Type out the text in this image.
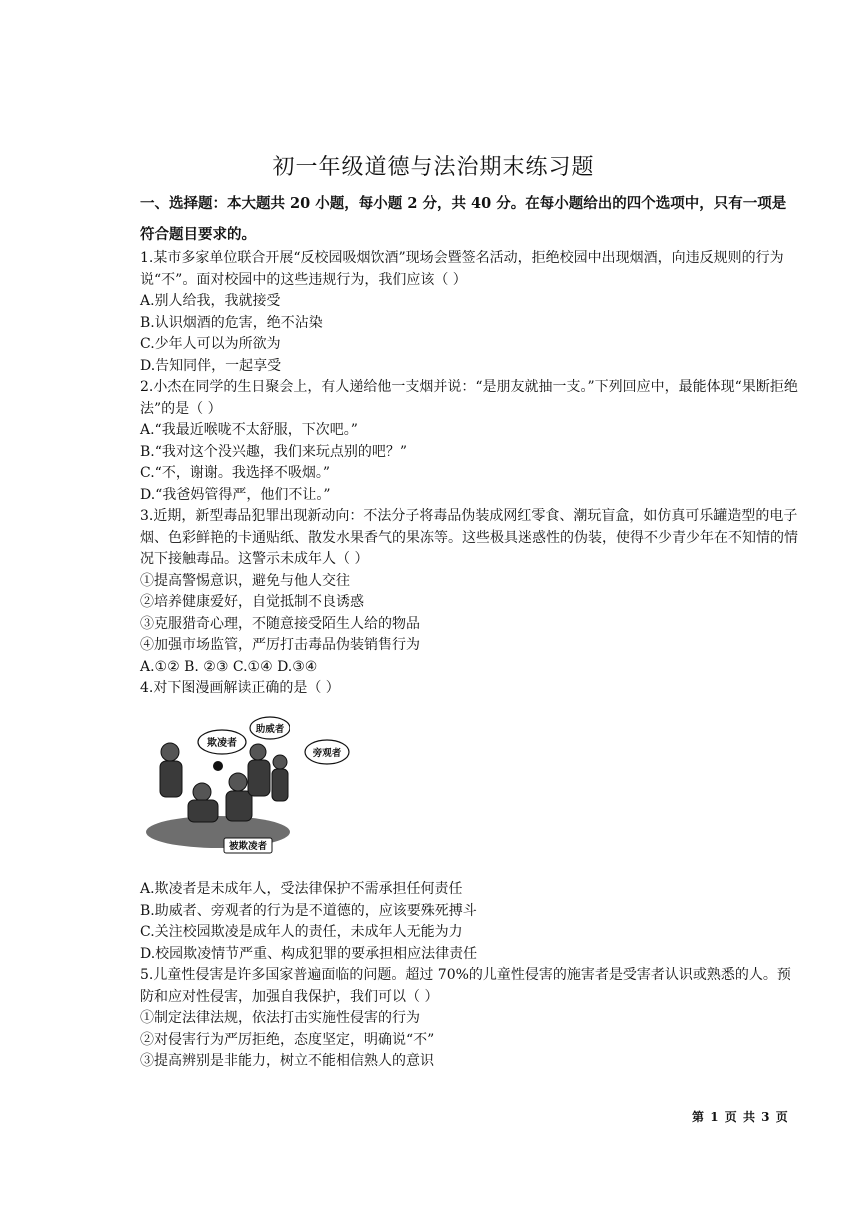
初一年级道德与法治期末练习题
一、选择题：本大题共 20 小题，每小题 2 分，共 40 分。在每小题给出的四个选项中，只有一项是符合题目要求的。

1.某市多家单位联合开展“反校园吸烟饮酒”现场会暨签名活动，拒绝校园中出现烟酒，向违反规则的行为说“不”。面对校园中的这些违规行为，我们应该（ ）

A.别人给我，我就接受

B.认识烟酒的危害，绝不沾染

C.少年人可以为所欲为

D.告知同伴，一起享受

2.小杰在同学的生日聚会上，有人递给他一支烟并说：“是朋友就抽一支。”下列回应中，最能体现“果断拒绝法”的是（ ）

A.“我最近喉咙不太舒服，下次吧。”

B.“我对这个没兴趣，我们来玩点别的吧？”

C.“不，谢谢。我选择不吸烟。”

D.“我爸妈管得严，他们不让。”

3.近期，新型毒品犯罪出现新动向：不法分子将毒品伪装成网红零食、潮玩盲盒，如仿真可乐罐造型的电子烟、色彩鲜艳的卡通贴纸、散发水果香气的果冻等。这些极具迷惑性的伪装，使得不少青少年在不知情的情况下接触毒品。这警示未成年人（ ）

①提高警惕意识，避免与他人交往

②培养健康爱好，自觉抵制不良诱惑

③克服猎奇心理，不随意接受陌生人给的物品

④加强市场监管，严厉打击毒品伪装销售行为

A.①② B. ②③ C.①④ D.③④

4.对下图漫画解读正确的是（ ）

欺凌者
助威者
被欺凌者

A.欺凌者是未成年人，受法律保护不需承担任何责任

B.助威者、旁观者的行为是不道德的，应该要殊死搏斗

C.关注校园欺凌是成年人的责任，未成年人无能为力

D.校园欺凌情节严重、构成犯罪的要承担相应法律责任

5.儿童性侵害是许多国家普遍面临的问题。超过 70%的儿童性侵害的施害者是受害者认识或熟悉的人。预防和应对性侵害，加强自我保护，我们可以（ ）

①制定法律法规，依法打击实施性侵害的行为

②对侵害行为严厉拒绝，态度坚定，明确说“不”

③提高辨别是非能力，树立不能相信熟人的意识

旁观者
第 1 页 共 3 页
